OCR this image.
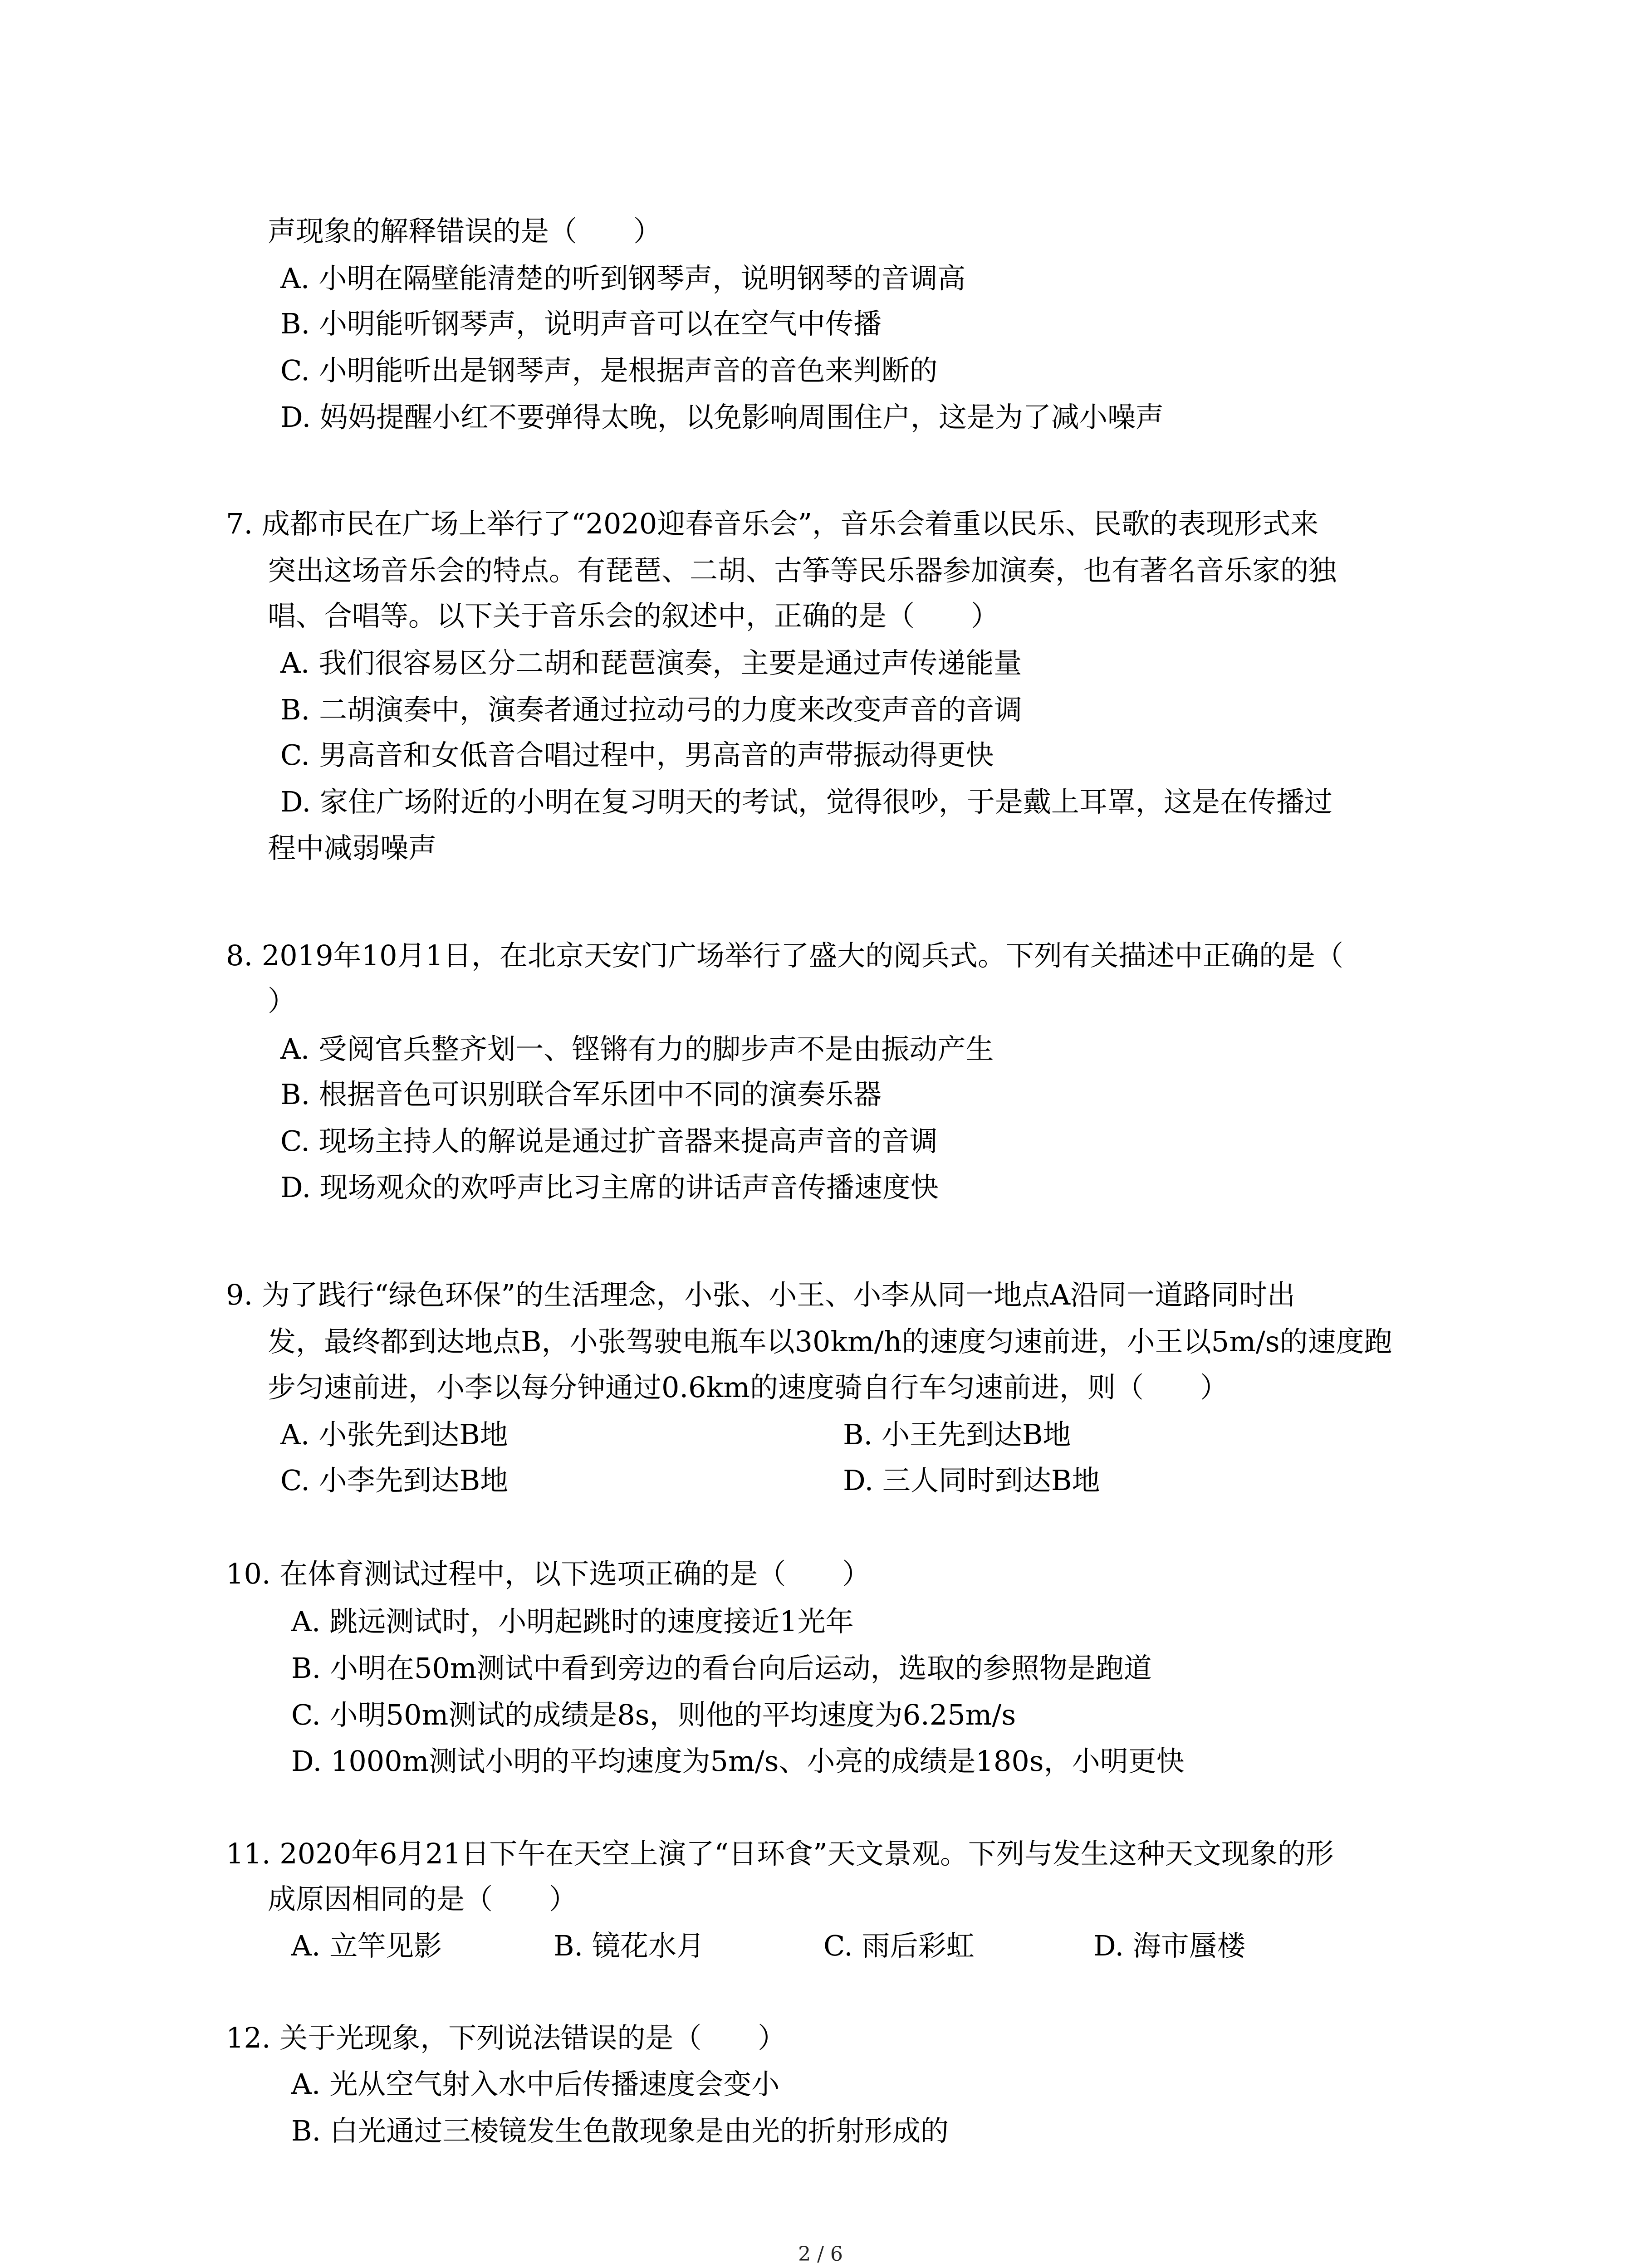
声现象的解释错误的是（　　）
A. 小明在隔壁能清楚的听到钢琴声，说明钢琴的音调高
B. 小明能听钢琴声，说明声音可以在空气中传播
C. 小明能听出是钢琴声，是根据声音的音色来判断的
D. 妈妈提醒小红不要弹得太晚，以免影响周围住户，这是为了减小噪声
7. 成都市民在广场上举行了“2020迎春音乐会”，音乐会着重以民乐、民歌的表现形式来
突出这场音乐会的特点。有琵琶、二胡、古筝等民乐器参加演奏，也有著名音乐家的独
唱、合唱等。以下关于音乐会的叙述中，正确的是（　　）
A. 我们很容易区分二胡和琵琶演奏，主要是通过声传递能量
B. 二胡演奏中，演奏者通过拉动弓的力度来改变声音的音调
C. 男高音和女低音合唱过程中，男高音的声带振动得更快
D. 家住广场附近的小明在复习明天的考试，觉得很吵，于是戴上耳罩，这是在传播过
程中减弱噪声
8. 2019年10月1日，在北京天安门广场举行了盛大的阅兵式。下列有关描述中正确的是（
）
A. 受阅官兵整齐划一、铿锵有力的脚步声不是由振动产生
B. 根据音色可识别联合军乐团中不同的演奏乐器
C. 现场主持人的解说是通过扩音器来提高声音的音调
D. 现场观众的欢呼声比习主席的讲话声音传播速度快
9. 为了践行“绿色环保”的生活理念，小张、小王、小李从同一地点A沿同一道路同时出
发，最终都到达地点B，小张驾驶电瓶车以30km/h的速度匀速前进，小王以5m/s的速度跑
步匀速前进，小李以每分钟通过0.6km的速度骑自行车匀速前进，则（　　）
A. 小张先到达B地	B. 小王先到达B地
C. 小李先到达B地	D. 三人同时到达B地
10. 在体育测试过程中，以下选项正确的是（　　）
A. 跳远测试时，小明起跳时的速度接近1光年
B. 小明在50m测试中看到旁边的看台向后运动，选取的参照物是跑道
C. 小明50m测试的成绩是8s，则他的平均速度为6.25m/s
D. 1000m测试小明的平均速度为5m/s、小亮的成绩是180s，小明更快
11. 2020年6月21日下午在天空上演了“日环食”天文景观。下列与发生这种天文现象的形
成原因相同的是（　　）
A. 立竿见影	B. 镜花水月	C. 雨后彩虹	D. 海市蜃楼
12. 关于光现象，下列说法错误的是（　　）
A. 光从空气射入水中后传播速度会变小
B. 白光通过三棱镜发生色散现象是由光的折射形成的
2 / 6
